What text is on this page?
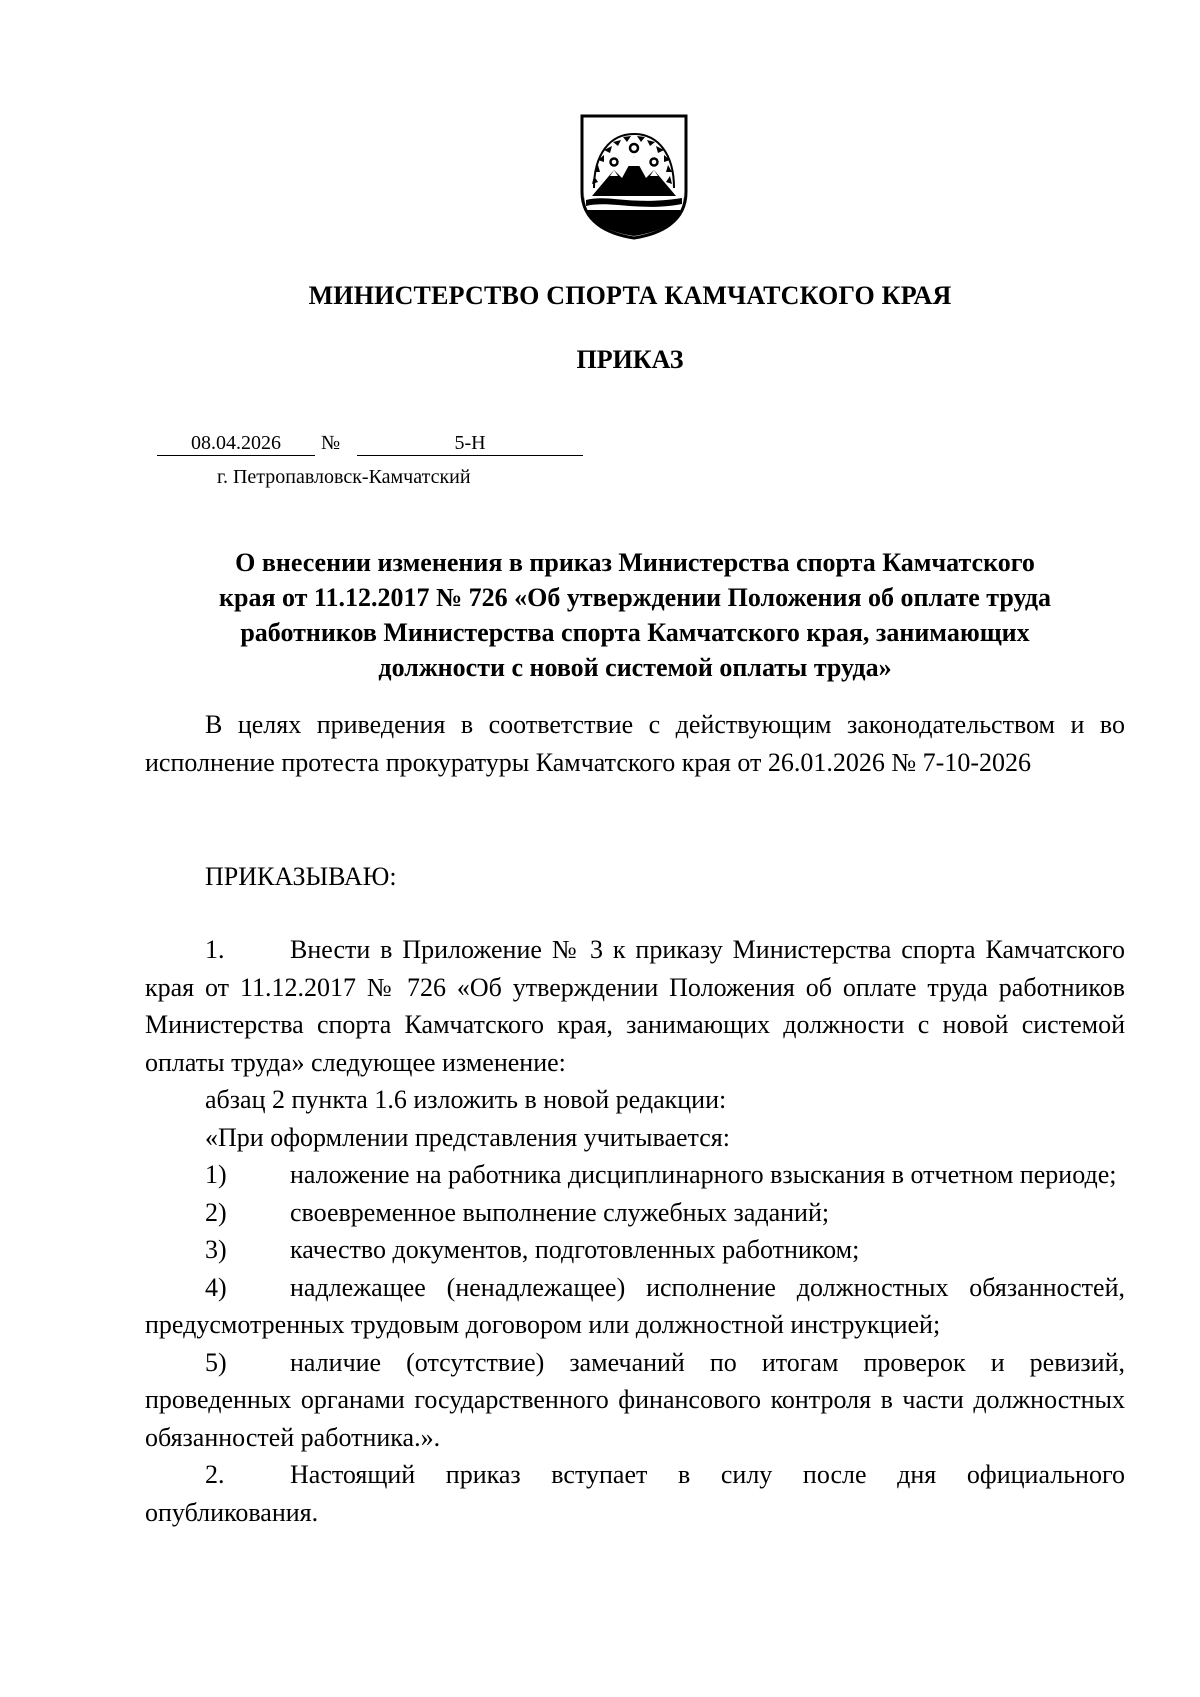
МИНИСТЕРСТВО СПОРТА КАМЧАТСКОГО КРАЯ
ПРИКАЗ
08.04.2026	№	5-Н
г. Петропавловск-Камчатский
О внесении изменения в приказ Министерства спорта Камчатского
края от 11.12.2017 № 726 «Об утверждении Положения об оплате труда
работников Министерства спорта Камчатского края, занимающих
должности с новой системой оплаты труда»
В целях приведения в соответствие с действующим законодательством и во исполнение протеста прокуратуры Камчатского края от 26.01.2026 № 7-10-2026
ПРИКАЗЫВАЮ:
1.	Внести в Приложение № 3 к приказу Министерства спорта Камчатского края от 11.12.2017 № 726 «Об утверждении Положения об оплате труда работников Министерства спорта Камчатского края, занимающих должности с новой системой оплаты труда» следующее изменение:
абзац 2 пункта 1.6 изложить в новой редакции:
«При оформлении представления учитывается:
1) наложение на работника дисциплинарного взыскания в отчетном периоде;
2) своевременное выполнение служебных заданий;
3) качество документов, подготовленных работником;
4) надлежащее (ненадлежащее) исполнение должностных обязанностей, предусмотренных трудовым договором или должностной инструкцией;
5) наличие (отсутствие) замечаний по итогам проверок и ревизий, проведенных органами государственного финансового контроля в части должностных обязанностей работника.».
2.	Настоящий приказ вступает в силу после дня официального опубликования.
